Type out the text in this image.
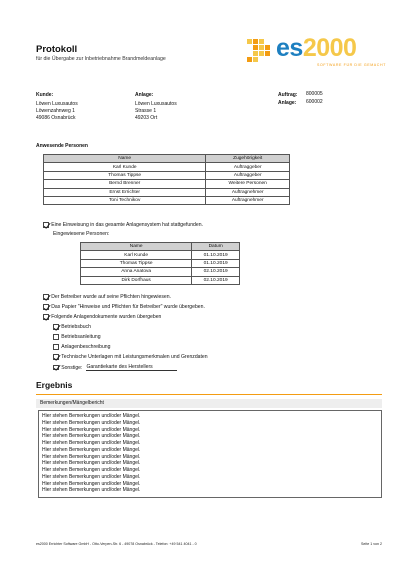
Protokoll
für die Übergabe zur Inbetriebnahme Brandmeldeanlage	es2000
SOFTWARE FÜR DIE GEMACHT
Kunde:
Löwen Luxusautos
Löwenzahnweg 1
49086 Osnabrück
Anlage:
Löwen Luxusautos
Strasse 1
49203 Ort
Auftrag: 800005
Anlage: 600002
Anwesende Personen
Name	Zugehörigkeit
Karl Kunde	Auftraggeber
Thomas Tippse	Auftraggeber
Bernd Brenner	Weitere Personen
Ernst Errichter	Auftragnehmer
Toni Technikov	Auftragnehmer
Eine Einweisung in das gesamte Anlagensystem hat stattgefunden.
Eingewiesene Personen:
Name	Datum
Karl Kunde	01.10.2019
Thomas Tippse	01.10.2019
Anna Anatova	02.10.2019
Dirk Dorfhaus	02.10.2019
Der Betreiber wurde auf seine Pflichten hingewiesen.
Das Papier "Hinweise und Pflichten für Betreiber" wurde übergeben.
Folgende Anlagendokumente wurden übergeben
Betriebsbuch
Betriebsanleitung
Anlagenbeschreibung
Technische Unterlagen mit Leistungsmerkmalen und Grenzdaten
Sonstige: Garantiekarte des Herstellers
Ergebnis
Bemerkungen/Mängelbericht
Hier stehen Bemerkungen und/oder Mängel.
Hier stehen Bemerkungen und/oder Mängel.
Hier stehen Bemerkungen und/oder Mängel.
Hier stehen Bemerkungen und/oder Mängel.
Hier stehen Bemerkungen und/oder Mängel.
Hier stehen Bemerkungen und/oder Mängel.
Hier stehen Bemerkungen und/oder Mängel.
Hier stehen Bemerkungen und/oder Mängel.
Hier stehen Bemerkungen und/oder Mängel.
Hier stehen Bemerkungen und/oder Mängel.
Hier stehen Bemerkungen und/oder Mängel.
Hier stehen Bemerkungen und/oder Mängel.
es2000 Errichter Software GmbH - Otto-Verpen-Str. 6 - 49078 Osnabrück - Telefon: +49 541 4041 - 0	Seite 1 von 2
